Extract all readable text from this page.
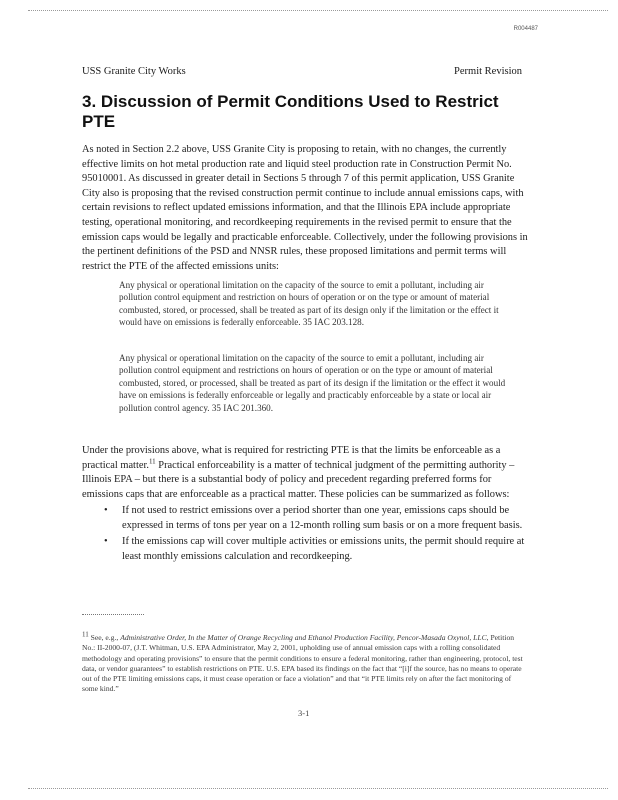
R004487
USS Granite City Works	Permit Revision
3. Discussion of Permit Conditions Used to Restrict PTE
As noted in Section 2.2 above, USS Granite City is proposing to retain, with no changes, the currently effective limits on hot metal production rate and liquid steel production rate in Construction Permit No. 95010001. As discussed in greater detail in Sections 5 through 7 of this permit application, USS Granite City also is proposing that the revised construction permit continue to include annual emissions caps, with certain revisions to reflect updated emissions information, and that the Illinois EPA include appropriate testing, operational monitoring, and recordkeeping requirements in the revised permit to ensure that the emission caps would be legally and practicable enforceable. Collectively, under the following provisions in the pertinent definitions of the PSD and NNSR rules, these proposed limitations and permit terms will restrict the PTE of the affected emissions units:
Any physical or operational limitation on the capacity of the source to emit a pollutant, including air pollution control equipment and restriction on hours of operation or on the type or amount of material combusted, stored, or processed, shall be treated as part of its design only if the limitation or the effect it would have on emissions is federally enforceable. 35 IAC 203.128.
Any physical or operational limitation on the capacity of the source to emit a pollutant, including air pollution control equipment and restrictions on hours of operation or on the type or amount of material combusted, stored, or processed, shall be treated as part of its design if the limitation or the effect it would have on emissions is federally enforceable or legally and practicably enforceable by a state or local air pollution control agency. 35 IAC 201.360.
Under the provisions above, what is required for restricting PTE is that the limits be enforceable as a practical matter.$^{11}$ Practical enforceability is a matter of technical judgment of the permitting authority – Illinois EPA – but there is a substantial body of policy and precedent regarding preferred forms for emissions caps that are enforceable as a practical matter. These policies can be summarized as follows:
• If not used to restrict emissions over a period shorter than one year, emissions caps should be expressed in terms of tons per year on a 12-month rolling sum basis or on a more frequent basis.
• If the emissions cap will cover multiple activities or emissions units, the permit should require at least monthly emissions calculation and recordkeeping.
$^{11}$ See, e.g., Administrative Order, In the Matter of Orange Recycling and Ethanol Production Facility, Pencor-Masada Oxynol, LLC, Petition No.: II-2000-07, (J.T. Whitman, U.S. EPA Administrator, May 2, 2001, upholding use of annual emission caps with a rolling consolidated methodology and operating provisions” to ensure that the permit conditions to ensure a federal monitoring, rather than engineering, protocol, test data, or vendor guarantees” to establish restrictions on PTE. U.S. EPA based its findings on the fact that “[i]f the source, has no means to operate out of the PTE limiting emissions caps, it must cease operation or face a violation” and that “it PTE limits rely on after the fact monitoring of some kind.”
3-1
